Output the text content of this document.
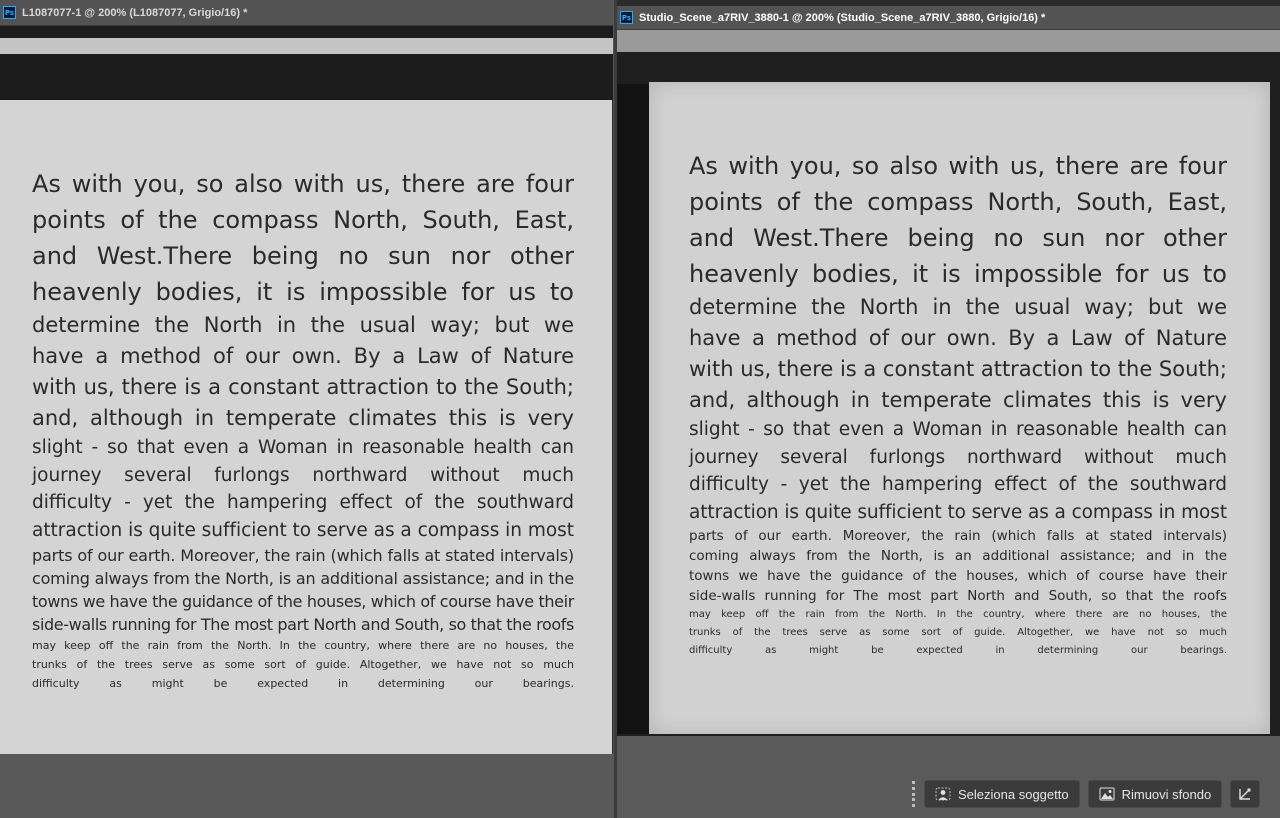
Ps L1087077-1 @ 200% (L1087077, Grigio/16) *
As with you, so also with us, there are four
points of the compass North, South, East,
and West.There being no sun nor other
heavenly bodies, it is impossible for us to
determine the North in the usual way; but we
have a method of our own. By a Law of Nature
with us, there is a constant attraction to the South;
and, although in temperate climates this is very
slight - so that even a Woman in reasonable health can
journey several furlongs northward without much
difficulty - yet the hampering effect of the southward
attraction is quite sufficient to serve as a compass in most
parts of our earth. Moreover, the rain (which falls at stated intervals)
coming always from the North, is an additional assistance; and in the
towns we have the guidance of the houses, which of course have their
side-walls running for The most part North and South, so that the roofs
may keep off the rain from the North. In the country, where there are no houses, the
trunks of the trees serve as some sort of guide. Altogether, we have not so much
difficulty as might be expected in determining our bearings.
Ps Studio_Scene_a7RIV_3880-1 @ 200% (Studio_Scene_a7RIV_3880, Grigio/16) *
As with you, so also with us, there are four
points of the compass North, South, East,
and West.There being no sun nor other
heavenly bodies, it is impossible for us to
determine the North in the usual way; but we
have a method of our own. By a Law of Nature
with us, there is a constant attraction to the South;
and, although in temperate climates this is very
slight - so that even a Woman in reasonable health can
journey several furlongs northward without much
difficulty - yet the hampering effect of the southward
attraction is quite sufficient to serve as a compass in most
parts of our earth. Moreover, the rain (which falls at stated intervals)
coming always from the North, is an additional assistance; and in the
towns we have the guidance of the houses, which of course have their
side-walls running for The most part North and South, so that the roofs
may keep off the rain from the North. In the country, where there are no houses, the
trunks of the trees serve as some sort of guide. Altogether, we have not so much
difficulty as might be expected in determining our bearings.
Seleziona soggetto	Rimuovi sfondo
